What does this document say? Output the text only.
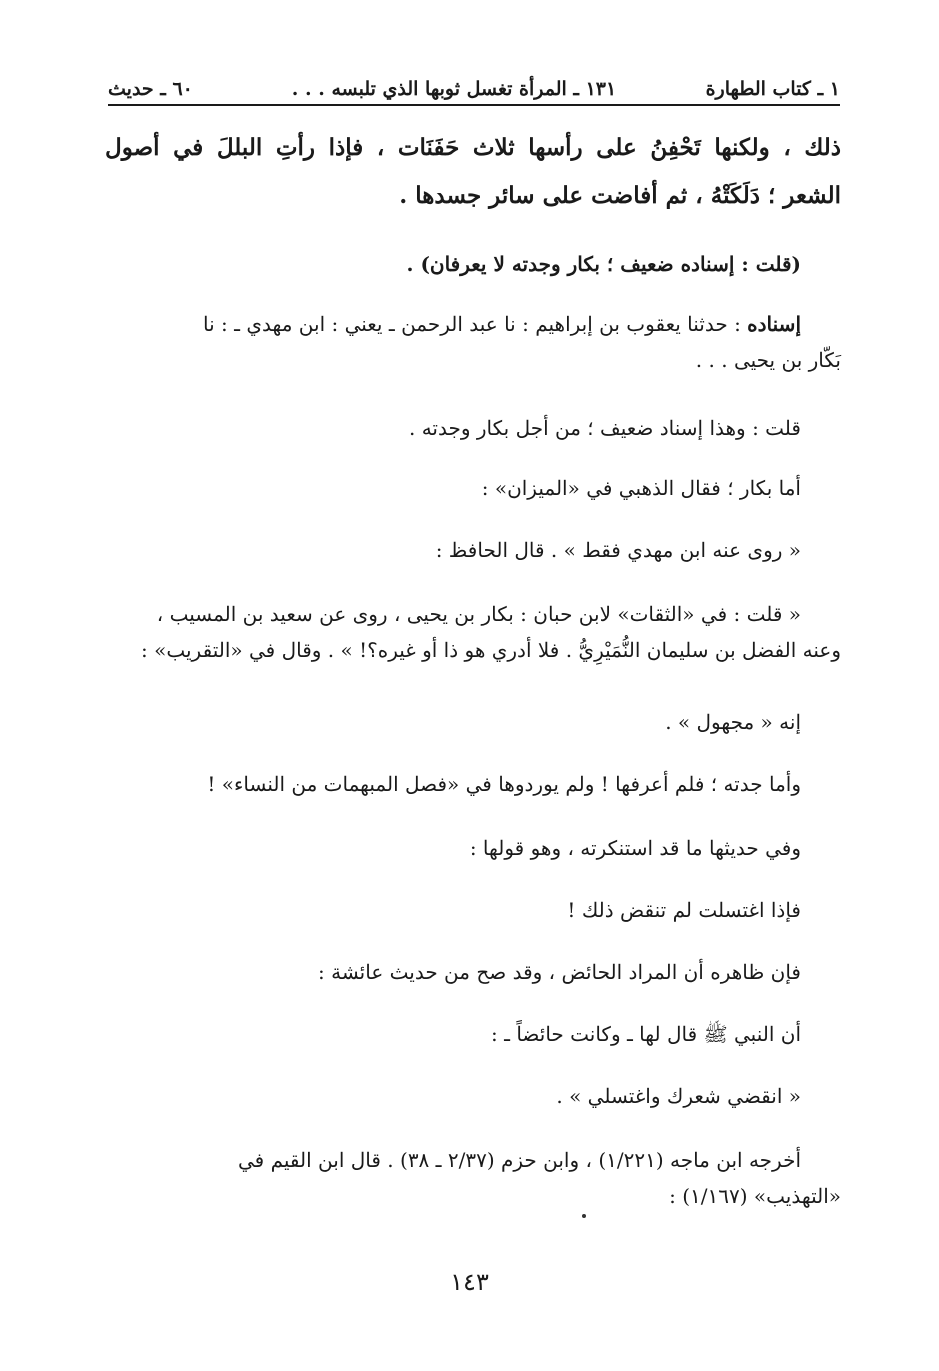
١ ـ كتاب الطهارة
١٣١ ـ المرأة تغسل ثوبها الذي تلبسه . . .
٦٠ ـ حديث
ذلك ، ولكنها تَحْفِنُ على رأسها ثلاث حَفَنَات ، فإذا رأتِ البللَ في أصول
الشعر ؛ دَلَكَتْهُ ، ثم أفاضت على سائر جسدها .
(قلت : إسناده ضعيف ؛ بكار وجدته لا يعرفان) .
إسناده : حدثنا يعقوب بن إبراهيم : نا عبد الرحمن ـ يعني : ابن مهدي ـ : نا
بَكّار بن يحيى . . .
قلت : وهذا إسناد ضعيف ؛ من أجل بكار وجدته .
أما بكار ؛ فقال الذهبي في «الميزان» :
« روى عنه ابن مهدي فقط » . قال الحافظ :
« قلت : في «الثقات» لابن حبان : بكار بن يحيى ، روى عن سعيد بن المسيب ،
وعنه الفضل بن سليمان النُّمَيْرِيُّ . فلا أدري هو ذا أو غيره؟! » . وقال في «التقريب» :
إنه « مجهول » .
وأما جدته ؛ فلم أعرفها ! ولم يوردوها في «فصل المبهمات من النساء» !
وفي حديثها ما قد استنكرته ، وهو قولها :
فإذا اغتسلت لم تنقض ذلك !
فإن ظاهره أن المراد الحائض ، وقد صح من حديث عائشة :
أن النبي ﷺ قال لها ـ وكانت حائضاً ـ :
« انقضي شعرك واغتسلي » .
أخرجه ابن ماجه (١/٢٢١) ، وابن حزم (٢/٣٧ ـ ٣٨) . قال ابن القيم في
«التهذيب» (١/١٦٧) :
١٤٣
